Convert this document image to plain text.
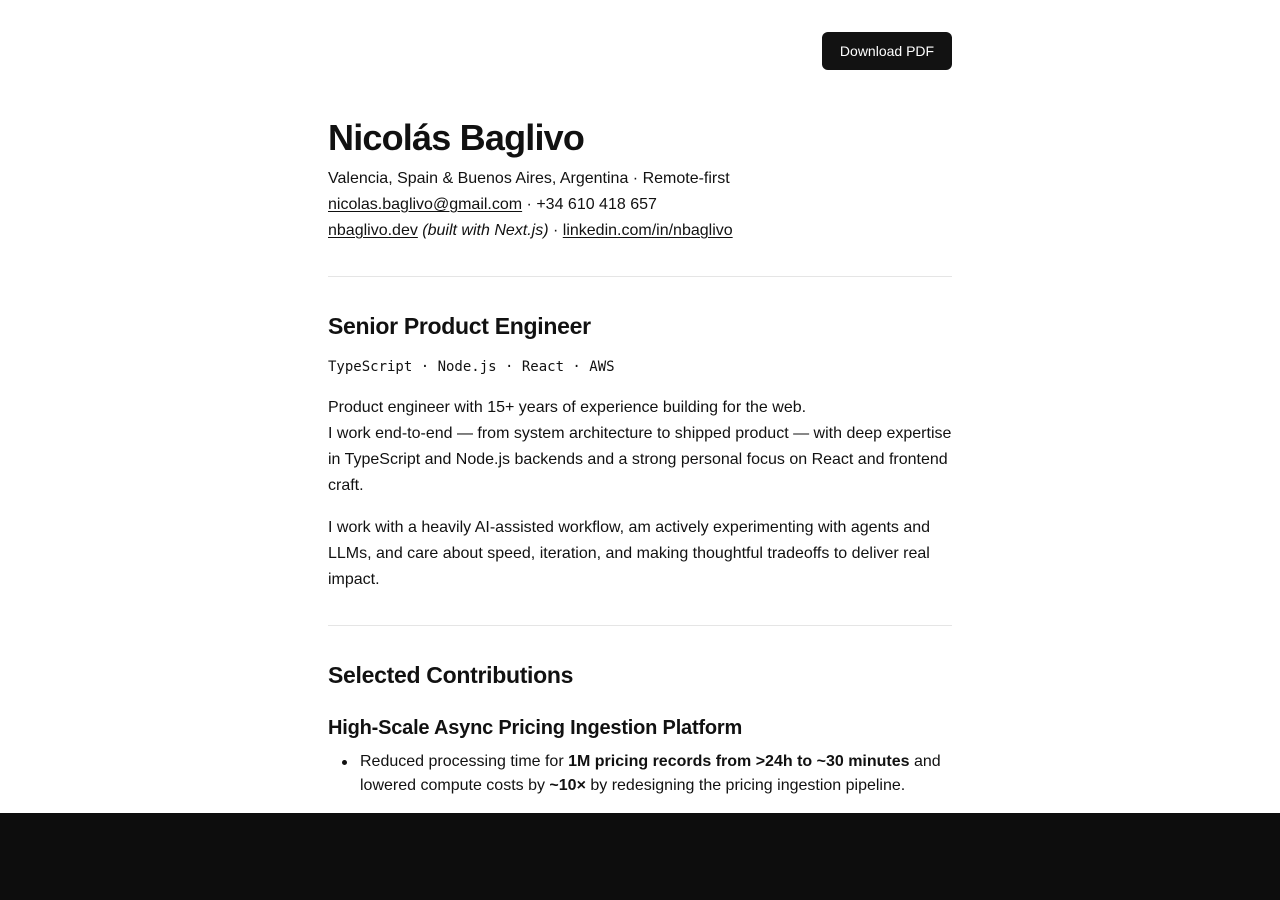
Download PDF
Nicolás Baglivo
Valencia, Spain & Buenos Aires, Argentina · Remote-first
nicolas.baglivo@gmail.com · +34 610 418 657
nbaglivo.dev (built with Next.js) · linkedin.com/in/nbaglivo
Senior Product Engineer
TypeScript · Node.js · React · AWS
Product engineer with 15+ years of experience building for the web.
I work end-to-end — from system architecture to shipped product — with deep expertise in TypeScript and Node.js backends and a strong personal focus on React and frontend craft.
I work with a heavily AI-assisted workflow, am actively experimenting with agents and LLMs, and care about speed, iteration, and making thoughtful tradeoffs to deliver real impact.
Selected Contributions
High-Scale Async Pricing Ingestion Platform
Reduced processing time for 1M pricing records from >24h to ~30 minutes and lowered compute costs by ~10× by redesigning the pricing ingestion pipeline.
